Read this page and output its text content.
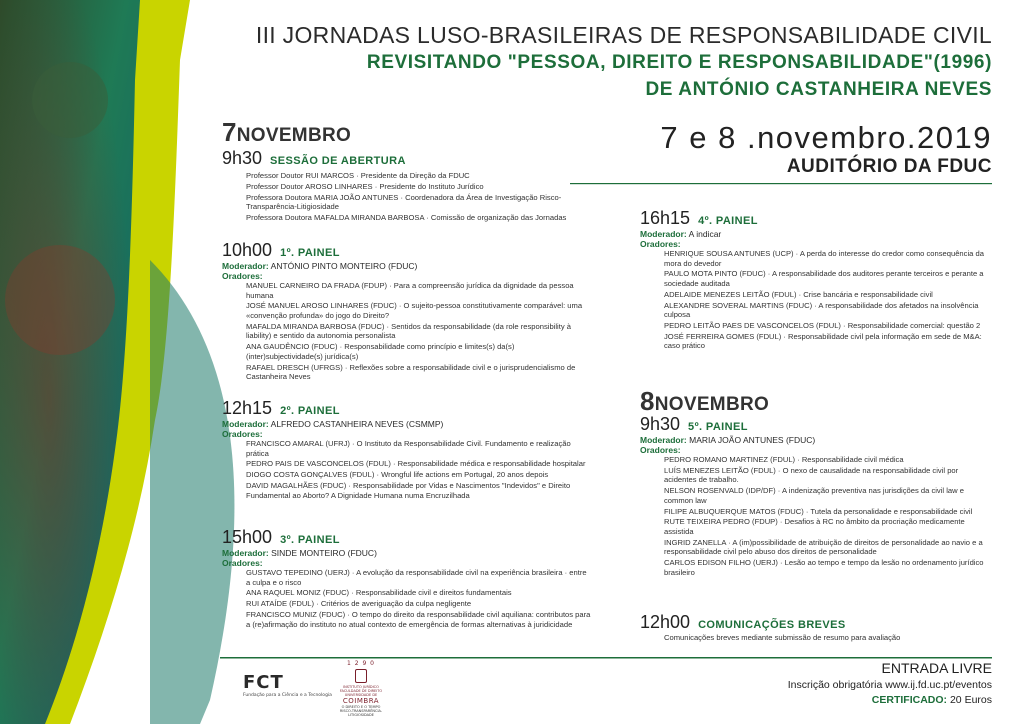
III JORNADAS LUSO-BRASILEIRAS DE RESPONSABILIDADE CIVIL
REVISITANDO "PESSOA, DIREITO E RESPONSABILIDADE"(1996)
DE ANTÓNIO CASTANHEIRA NEVES
7 e 8 .novembro.2019
AUDITÓRIO DA FDUC
7NOVEMBRO
9h30 SESSÃO DE ABERTURA
Professor Doutor RUI MARCOS · Presidente da Direção da FDUC
Professor Doutor AROSO LINHARES · Presidente do Instituto Jurídico
Professora Doutora MARIA JOÃO ANTUNES · Coordenadora da Área de Investigação Risco-Transparência-Litigiosidade
Professora Doutora MAFALDA MIRANDA BARBOSA · Comissão de organização das Jornadas
10h00 1º. PAINEL
Moderador: ANTÓNIO PINTO MONTEIRO (FDUC)
Oradores:
MANUEL CARNEIRO DA FRADA (FDUP) · Para a compreensão jurídica da dignidade da pessoa humana
JOSÉ MANUEL AROSO LINHARES (FDUC) · O sujeito-pessoa constitutivamente comparável: uma «convenção profunda» do jogo do Direito?
MAFALDA MIRANDA BARBOSA (FDUC) · Sentidos da responsabilidade (da role responsibility à liability) e sentido da autonomia personalista
ANA GAUDÊNCIO (FDUC) · Responsabilidade como princípio e limites(s) da(s) (inter)subjectividade(s) jurídica(s)
RAFAEL DRESCH (UFRGS) · Reflexões sobre a responsabilidade civil e o jurisprudencialismo de Castanheira Neves
12h15 2º. PAINEL
Moderador: ALFREDO CASTANHEIRA NEVES (CSMMP)
Oradores:
FRANCISCO AMARAL (UFRJ) · O Instituto da Responsabilidade Civil. Fundamento e realização prática
PEDRO PAIS DE VASCONCELOS (FDUL) · Responsabilidade médica e responsabilidade hospitalar
DIOGO COSTA GONÇALVES (FDUL) · Wrongful life actions em Portugal, 20 anos depois
DAVID MAGALHÃES (FDUC) · Responsabilidade por Vidas e Nascimentos "Indevidos" e Direito Fundamental ao Aborto? A Dignidade Humana numa Encruzilhada
15h00 3º. PAINEL
Moderador: SINDE MONTEIRO (FDUC)
Oradores:
GUSTAVO TEPEDINO (UERJ) · A evolução da responsabilidade civil na experiência brasileira · entre a culpa e o risco
ANA RAQUEL MONIZ (FDUC) · Responsabilidade civil e direitos fundamentais
RUI ATAÍDE (FDUL) · Critérios de averiguação da culpa negligente
FRANCISCO MUNIZ (FDUC) · O tempo do direito da responsabilidade civil aquiliana: contributos para a (re)afirmação do instituto no atual contexto de emergência de formas alternativas à juridicidade
16h15 4º. PAINEL
Moderador: A indicar
Oradores:
HENRIQUE SOUSA ANTUNES (UCP) · A perda do interesse do credor como consequência da mora do devedor
PAULO MOTA PINTO (FDUC) · A responsabilidade dos auditores perante terceiros e perante a sociedade auditada
ADELAIDE MENEZES LEITÃO (FDUL) · Crise bancária e responsabilidade civil
ALEXANDRE SOVERAL MARTINS (FDUC) · A responsabilidade dos afetados na insolvência culposa
PEDRO LEITÃO PAES DE VASCONCELOS (FDUL) · Responsabilidade comercial: questão 2
JOSÉ FERREIRA GOMES (FDUL) · Responsabilidade civil pela informação em sede de M&A: caso prático
8NOVEMBRO
9h30 5º. PAINEL
Moderador: MARIA JOÃO ANTUNES (FDUC)
Oradores:
PEDRO ROMANO MARTINEZ (FDUL) · Responsabilidade civil médica
LUÍS MENEZES LEITÃO (FDUL) · O nexo de causalidade na responsabilidade civil por acidentes de trabalho.
NELSON ROSENVALD (IDP/DF) · A indenização preventiva nas jurisdições da civil law e common law
FILIPE ALBUQUERQUE MATOS (FDUC) · Tutela da personalidade e responsabilidade civil
RUTE TEIXEIRA PEDRO (FDUP) · Desafios à RC no âmbito da procriação medicamente assistida
INGRID ZANELLA · A (im)possibilidade de atribuição de direitos de personalidade ao navio e a responsabilidade civil pelo abuso dos direitos de personalidade
CARLOS EDISON FILHO (UERJ) · Lesão ao tempo e tempo da lesão no ordenamento jurídico brasileiro
12h00 COMUNICAÇÕES BREVES
Comunicações breves mediante submissão de resumo para avaliação
ENTRADA LIVRE
Inscrição obrigatória www.ij.fd.uc.pt/eventos
CERTIFICADO: 20 Euros
FCT
Fundação para a Ciência e a Tecnologia
1 2 9 0
INSTITUTO JURÍDICO
FACULDADE DE DIREITO
UNIVERSIDADE DE
COIMBRA
O DIREITO E O TEMPO
RISCO-TRANSPARÊNCIA-LITIGIOSIDADE
